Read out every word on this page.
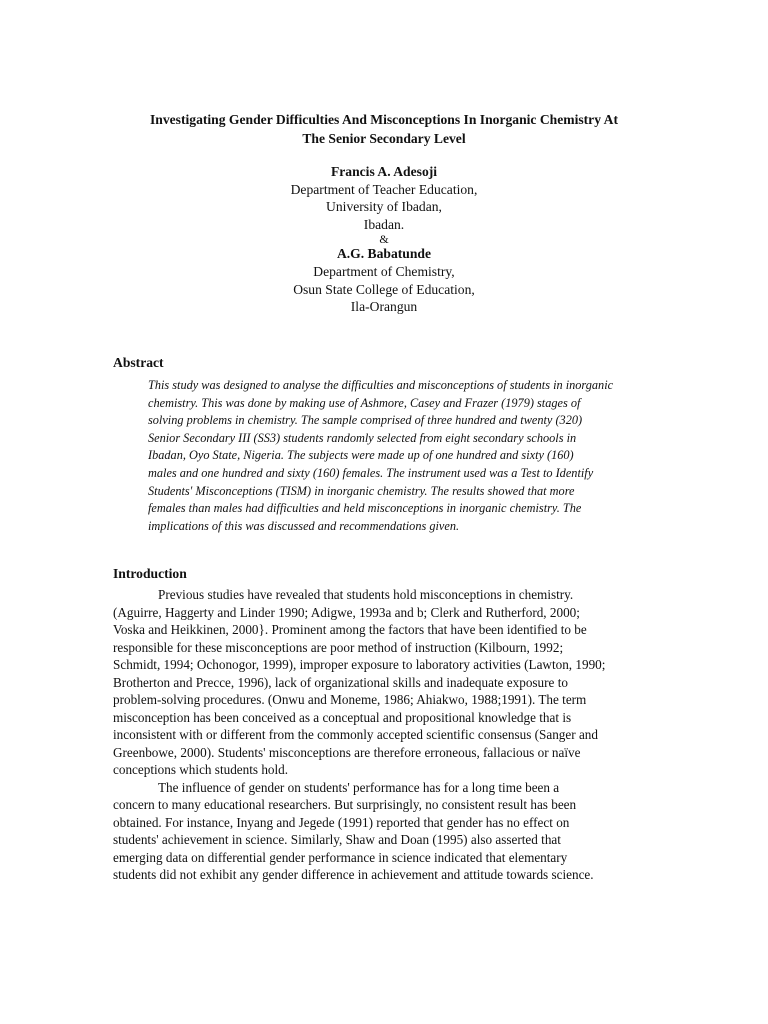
Investigating Gender Difficulties And Misconceptions In Inorganic Chemistry At
The Senior Secondary Level
Francis A. Adesoji
Department of Teacher Education,
University of Ibadan,
Ibadan.
&
A.G. Babatunde
Department of Chemistry,
Osun State College of Education,
Ila-Orangun
Abstract
This study was designed to analyse the difficulties and misconceptions of students in inorganic
chemistry. This was done by making use of Ashmore, Casey and Frazer (1979) stages of
solving problems in chemistry. The sample comprised of three hundred and twenty (320)
Senior Secondary III (SS3) students randomly selected from eight secondary schools in
Ibadan, Oyo State, Nigeria. The subjects were made up of one hundred and sixty (160)
males and one hundred and sixty (160) females. The instrument used was a Test to Identify
Students' Misconceptions (TISM) in inorganic chemistry. The results showed that more
females than males had difficulties and held misconceptions in inorganic chemistry. The
implications of this was discussed and recommendations given.
Introduction

Previous studies have revealed that students hold misconceptions in chemistry.

(Aguirre, Haggerty and Linder 1990; Adigwe, 1993a and b; Clerk and Rutherford, 2000;
Voska and Heikkinen, 2000}. Prominent among the factors that have been identified to be
responsible for these misconceptions are poor method of instruction (Kilbourn, 1992;
Schmidt, 1994; Ochonogor, 1999), improper exposure to laboratory activities (Lawton, 1990;
Brotherton and Precce, 1996), lack of organizational skills and inadequate exposure to
problem-solving procedures. (Onwu and Moneme, 1986; Ahiakwo, 1988;1991). The term
misconception has been conceived as a conceptual and propositional knowledge that is
inconsistent with or different from the commonly accepted scientific consensus (Sanger and
Greenbowe, 2000). Students' misconceptions are therefore erroneous, fallacious or naïve
conceptions which students hold.

The influence of gender on students' performance has for a long time been a

concern to many educational researchers. But surprisingly, no consistent result has been
obtained. For instance, Inyang and Jegede (1991) reported that gender has no effect on
students' achievement in science. Similarly, Shaw and Doan (1995) also asserted that
emerging data on differential gender performance in science indicated that elementary
students did not exhibit any gender difference in achievement and attitude towards science.
